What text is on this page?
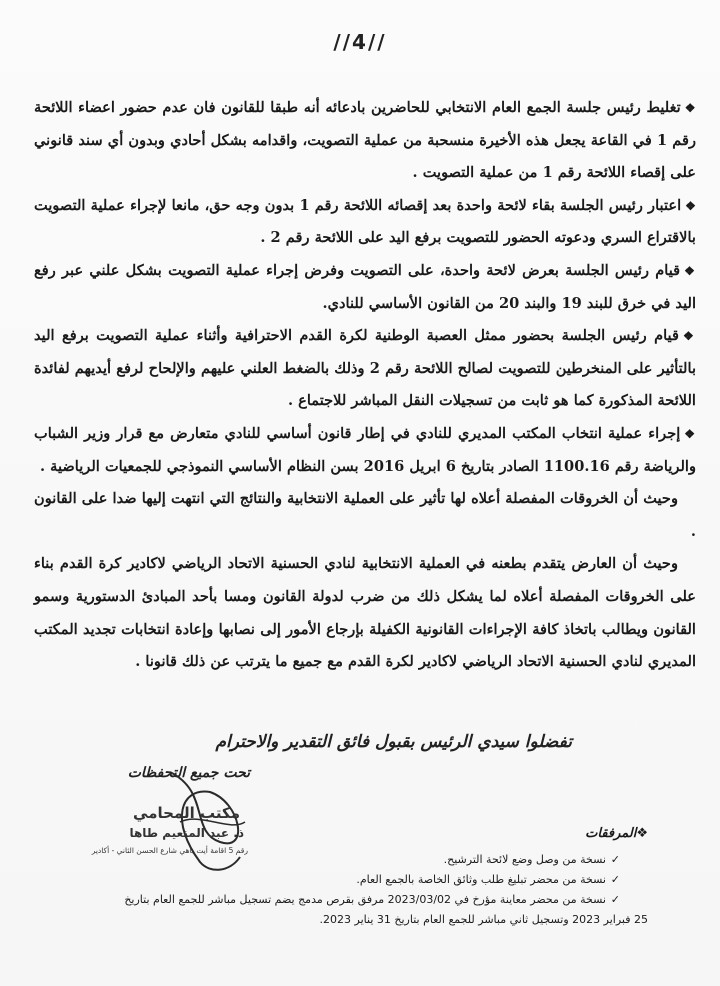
//4//

❖ تغليط رئيس جلسة الجمع العام الانتخابي للحاضرين بادعائه أنه طبقا للقانون فان عدم حضور اعضاء اللائحة رقم 1 في القاعة يجعل هذه الأخيرة منسحبة من عملية التصويت، واقدامه بشكل أحادي وبدون أي سند قانوني على إقصاء اللائحة رقم 1 من عملية التصويت .

❖ اعتبار رئيس الجلسة بقاء لائحة واحدة بعد إقصائه اللائحة رقم 1 بدون وجه حق، مانعا لإجراء عملية التصويت بالاقتراع السري ودعوته الحضور للتصويت برفع اليد على اللائحة رقم 2 .

❖ قيام رئيس الجلسة بعرض لائحة واحدة، على التصويت وفرض إجراء عملية التصويت بشكل علني عبر رفع اليد في خرق للبند 19 والبند 20 من القانون الأساسي للنادي.

❖ قيام رئيس الجلسة بحضور ممثل العصبة الوطنية لكرة القدم الاحترافية وأثناء عملية التصويت برفع اليد بالتأثير على المنخرطين للتصويت لصالح اللائحة رقم 2 وذلك بالضغط العلني عليهم والإلحاح لرفع أيديهم لفائدة اللائحة المذكورة كما هو ثابت من تسجيلات النقل المباشر للاجتماع .

❖ إجراء عملية انتخاب المكتب المديري للنادي في إطار قانون أساسي للنادي متعارض مع قرار وزير الشباب والرياضة رقم 1100.16 الصادر بتاريخ 6 ابريل 2016 بسن النظام الأساسي النموذجي للجمعيات الرياضية .

وحيث أن الخروقات المفصلة أعلاه لها تأثير على العملية الانتخابية والنتائج التي انتهت إليها ضدا على القانون .

وحيث أن العارض يتقدم بطعنه في العملية الانتخابية لنادي الحسنية الاتحاد الرياضي لاكادير كرة القدم بناء على الخروقات المفصلة أعلاه لما يشكل ذلك من ضرب لدولة القانون ومسا بأحد المبادئ الدستورية وسمو القانون ويطالب باتخاذ كافة الإجراءات القانونية الكفيلة بإرجاع الأمور إلى نصابها وإعادة انتخابات تجديد المكتب المديري لنادي الحسنية الاتحاد الرياضي لاكادير لكرة القدم مع جميع ما يترتب عن ذلك قانونا .

تفضلوا سيدي الرئيس بقبول فائق التقدير والاحترام
تحت جميع التحفظات
مكتب المحامي
ذ. عبد المنعيم طاها
رقم 5 اقامة أيت باهي شارع الحسن الثاني - أكادير
❖ المرفقات
✓ نسخة من وصل وضع لائحة الترشيح.
✓ نسخة من محضر تبليغ طلب وثائق الخاصة بالجمع العام.
✓ نسخة من محضر معاينة مؤرخ في 2023/03/02 مرفق بقرص مدمج يضم تسجيل مباشر للجمع العام بتاريخ
25 فبراير 2023 وتسجيل ثاني مباشر للجمع العام بتاريخ 31 يناير 2023.
